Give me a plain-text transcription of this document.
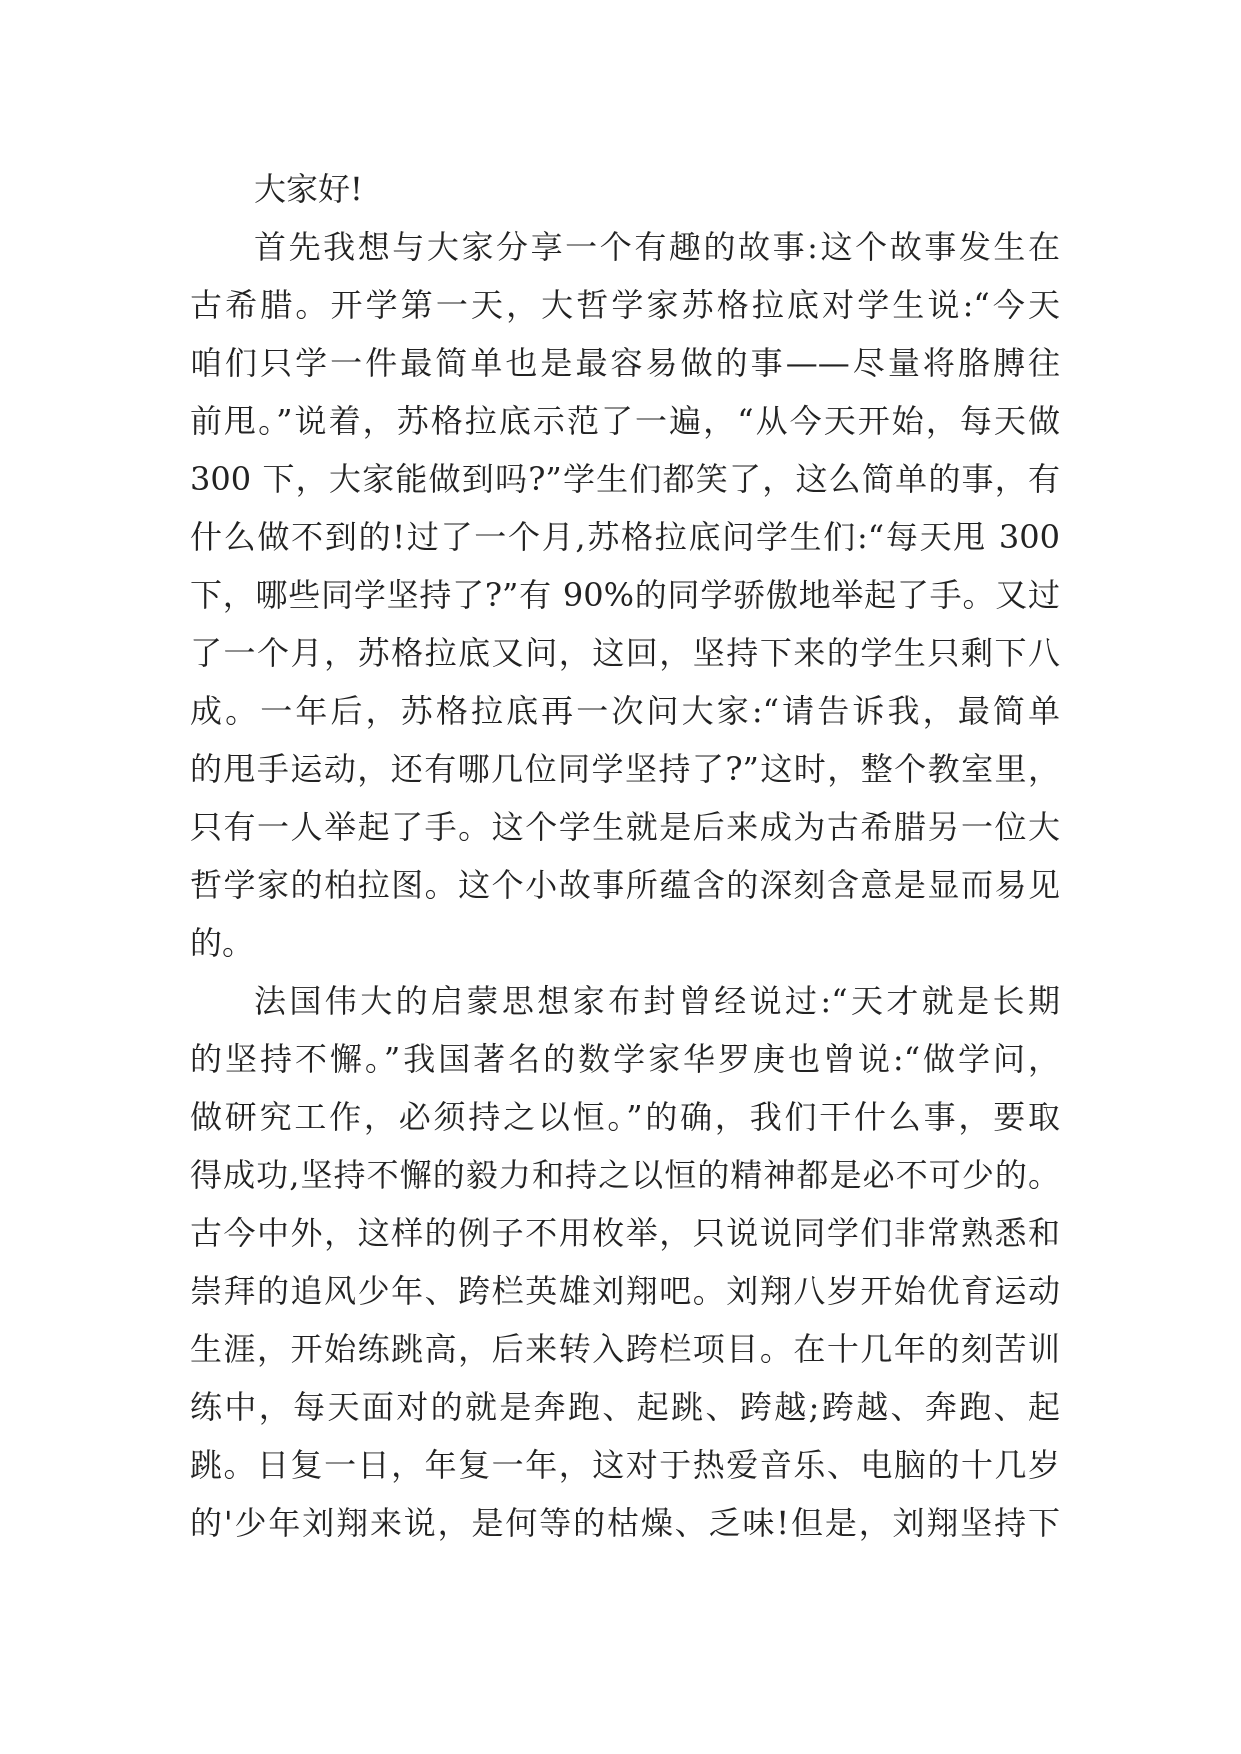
大家好!
首先我想与大家分享一个有趣的故事:这个故事发生在
古希腊。开学第一天，大哲学家苏格拉底对学生说:“今天
咱们只学一件最简单也是最容易做的事——尽量将胳膊往
前甩。”说着，苏格拉底示范了一遍，“从今天开始，每天做
300 下，大家能做到吗?”学生们都笑了，这么简单的事，有
什么做不到的!过了一个月,苏格拉底问学生们:“每天甩 300
下，哪些同学坚持了?”有 90%的同学骄傲地举起了手。又过
了一个月，苏格拉底又问，这回，坚持下来的学生只剩下八
成。一年后，苏格拉底再一次问大家:“请告诉我，最简单
的甩手运动，还有哪几位同学坚持了?”这时，整个教室里，
只有一人举起了手。这个学生就是后来成为古希腊另一位大
哲学家的柏拉图。这个小故事所蕴含的深刻含意是显而易见
的。
法国伟大的启蒙思想家布封曾经说过:“天才就是长期
的坚持不懈。”我国著名的数学家华罗庚也曾说:“做学问，
做研究工作，必须持之以恒。”的确，我们干什么事，要取
得成功,坚持不懈的毅力和持之以恒的精神都是必不可少的。
古今中外，这样的例子不用枚举，只说说同学们非常熟悉和
崇拜的追风少年、跨栏英雄刘翔吧。刘翔八岁开始优育运动
生涯，开始练跳高，后来转入跨栏项目。在十几年的刻苦训
练中，每天面对的就是奔跑、起跳、跨越;跨越、奔跑、起
跳。日复一日，年复一年，这对于热爱音乐、电脑的十几岁
的'少年刘翔来说，是何等的枯燥、乏味!但是，刘翔坚持下
